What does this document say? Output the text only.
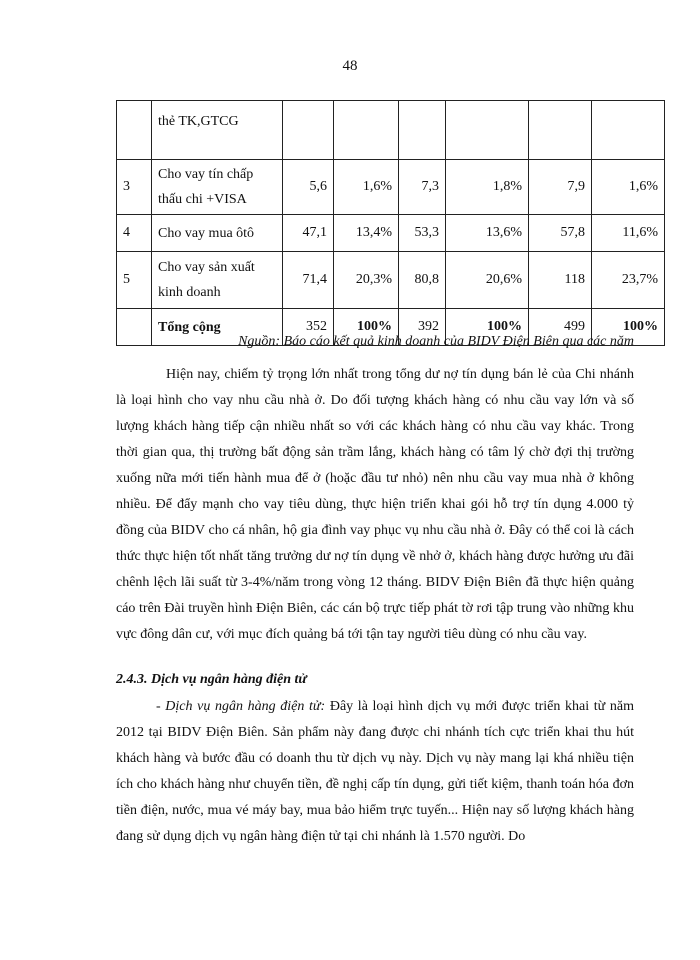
48
	thẻ TK,GTCG						
3	Cho vay tín chấp thấu chi +VISA	5,6	1,6%	7,3	1,8%	7,9	1,6%
4	Cho vay mua ôtô	47,1	13,4%	53,3	13,6%	57,8	11,6%
5	Cho vay sản xuất kinh doanh	71,4	20,3%	80,8	20,6%	118	23,7%
	Tổng cộng	352	100%	392	100%	499	100%
Nguồn: Báo cáo kết quả kinh doanh của BIDV Điện Biên qua các năm
Hiện nay, chiếm tỷ trọng lớn nhất trong tổng dư nợ tín dụng bán lẻ của Chi nhánh là loại hình cho vay nhu cầu nhà ở. Do đối tượng khách hàng có nhu cầu vay lớn và số lượng khách hàng tiếp cận nhiều nhất so với các khách hàng có nhu cầu vay khác. Trong thời gian qua, thị trường bất động sản trầm lắng, khách hàng có tâm lý chờ đợi thị trường xuống nữa mới tiến hành mua để ở (hoặc đầu tư nhỏ) nên nhu cầu vay mua nhà ở không nhiều. Để đẩy mạnh cho vay tiêu dùng, thực hiện triển khai gói hỗ trợ tín dụng 4.000 tỷ đồng của BIDV cho cá nhân, hộ gia đình vay phục vụ nhu cầu nhà ở. Đây có thể coi là cách thức thực hiện tốt nhất tăng trưởng dư nợ tín dụng về nhở ở, khách hàng được hưởng ưu đãi chênh lệch lãi suất từ 3-4%/năm trong vòng 12 tháng. BIDV Điện Biên đã thực hiện quảng cáo trên Đài truyền hình Điện Biên, các cán bộ trực tiếp phát tờ rơi tập trung vào những khu vực đông dân cư, với mục đích quảng bá tới tận tay người tiêu dùng có nhu cầu vay.
2.4.3. Dịch vụ ngân hàng điện tử
- Dịch vụ ngân hàng điện tử: Đây là loại hình dịch vụ mới được triển khai từ năm 2012 tại BIDV Điện Biên. Sản phẩm này đang được chi nhánh tích cực triển khai thu hút khách hàng và bước đầu có doanh thu từ dịch vụ này. Dịch vụ này mang lại khá nhiều tiện ích cho khách hàng như chuyển tiền, đề nghị cấp tín dụng, gửi tiết kiệm, thanh toán hóa đơn tiền điện, nước, mua vé máy bay, mua bảo hiểm trực tuyến... Hiện nay số lượng khách hàng đang sử dụng dịch vụ ngân hàng điện tử tại chi nhánh là 1.570 người. Do
